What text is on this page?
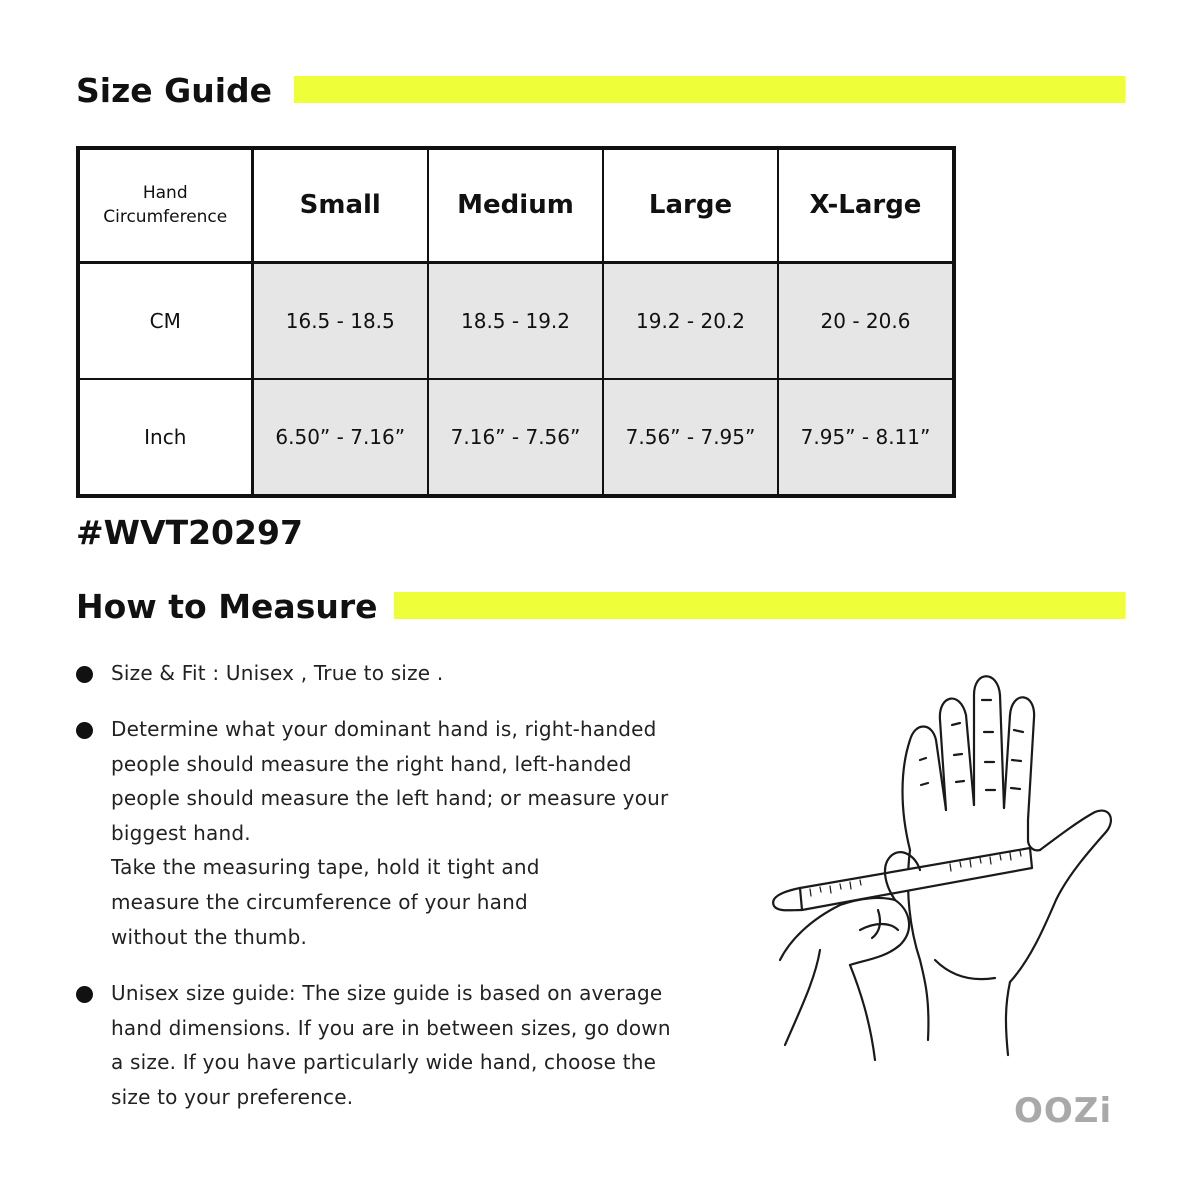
Size Guide
Hand
Circumference	Small	Medium	Large	X-Large
CM	16.5 - 18.5	18.5 - 19.2	19.2 - 20.2	20 - 20.6
Inch	6.50” - 7.16”	7.16” - 7.56”	7.56” - 7.95”	7.95” - 8.11”
#WVT20297
How to Measure
Size & Fit : Unisex , True to size .
Determine what your dominant hand is, right-handed
people should measure the right hand, left-handed
people should measure the left hand; or measure your
biggest hand.
Take the measuring tape, hold it tight and
measure the circumference of your hand
without the thumb.
Unisex size guide: The size guide is based on average
hand dimensions. If you are in between sizes, go down
a size. If you have particularly wide hand, choose the
size to your preference.	OOZi
